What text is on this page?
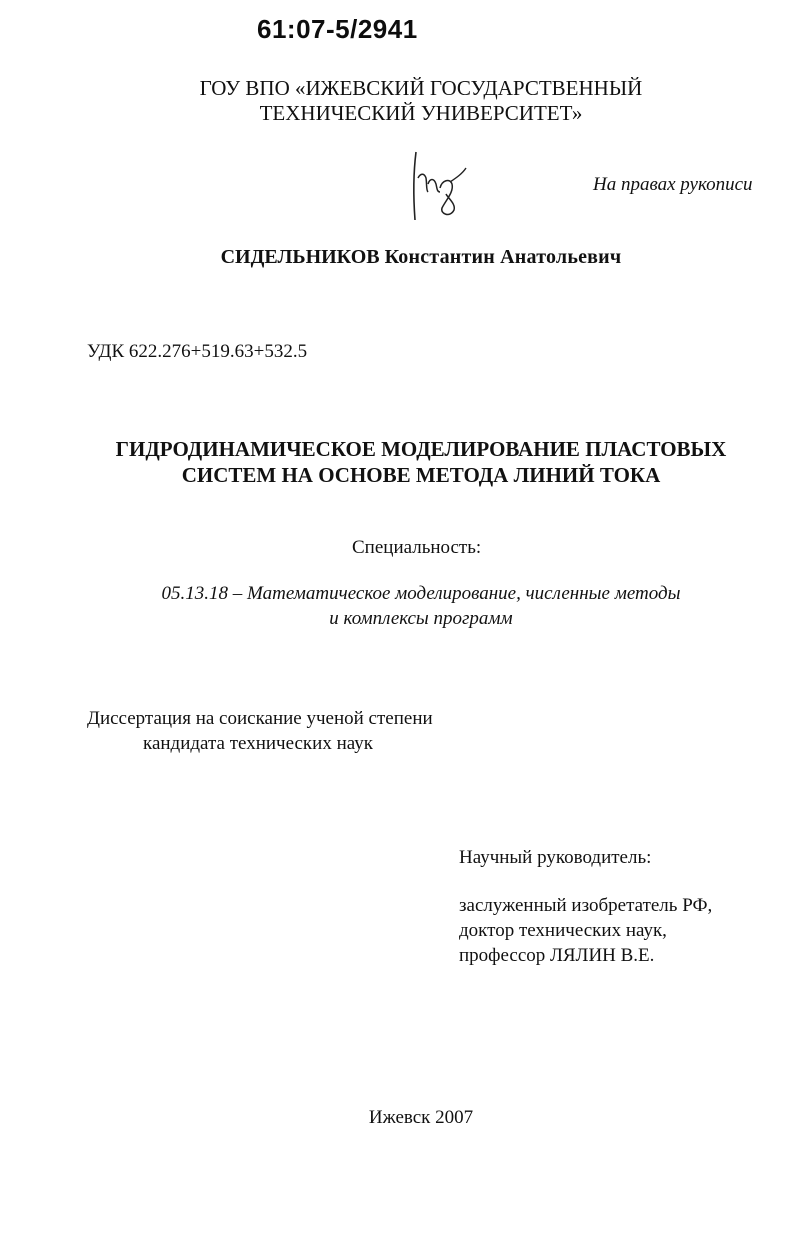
61:07-5/2941
ГОУ ВПО «ИЖЕВСКИЙ ГОСУДАРСТВЕННЫЙ
ТЕХНИЧЕСКИЙ УНИВЕРСИТЕТ»
На правах рукописи
СИДЕЛЬНИКОВ Константин Анатольевич
УДК 622.276+519.63+532.5
ГИДРОДИНАМИЧЕСКОЕ МОДЕЛИРОВАНИЕ ПЛАСТОВЫХ
СИСТЕМ НА ОСНОВЕ МЕТОДА ЛИНИЙ ТОКА
Специальность:
05.13.18 – Математическое моделирование, численные методы
и комплексы программ
Диссертация на соискание ученой степени
кандидата технических наук
Научный руководитель:
заслуженный изобретатель РФ,
доктор технических наук,
профессор ЛЯЛИН В.Е.
Ижевск 2007
